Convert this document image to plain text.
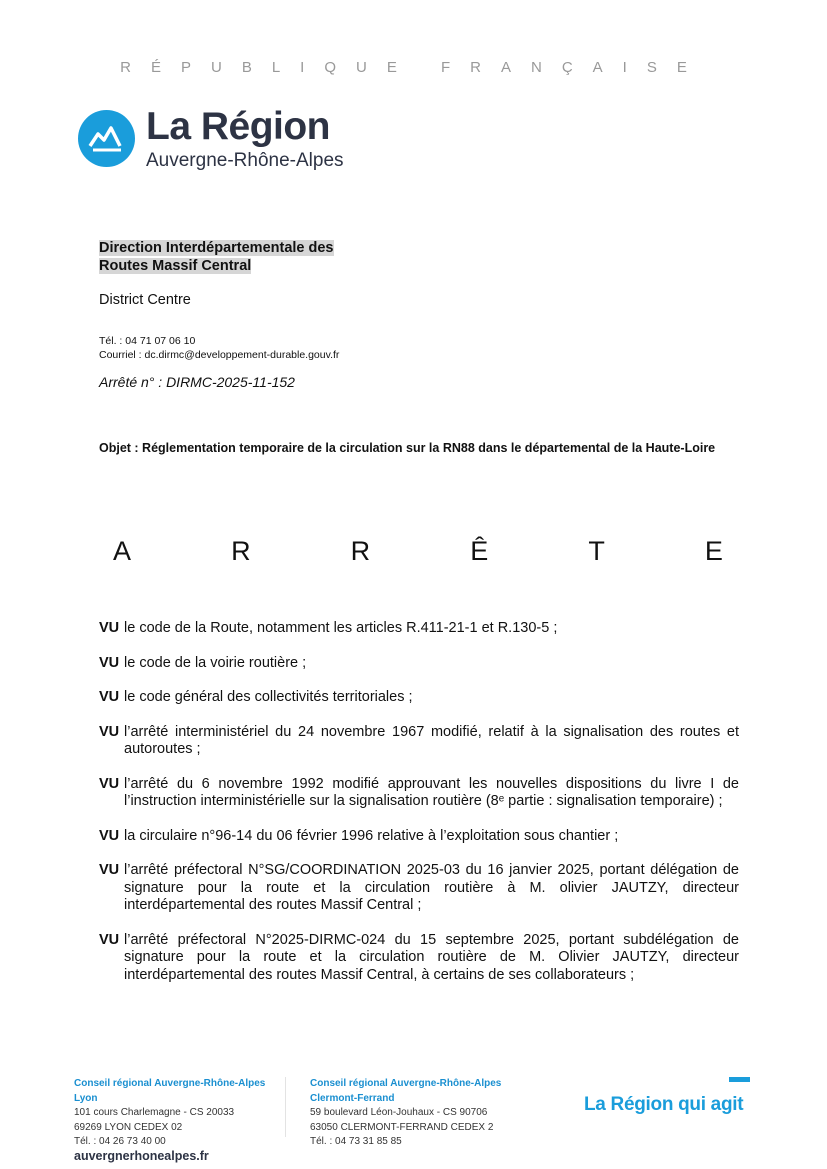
RÉPUBLIQUE FRANÇAISE
La Région
Auvergne-Rhône-Alpes
Direction Interdépartementale des
Routes Massif Central
District Centre
Tél. : 04 71 07 06 10
Courriel : dc.dirmc@developpement-durable.gouv.fr
Arrêté n° : DIRMC-2025-11-152
Objet : Réglementation temporaire de la circulation sur la RN88 dans le départemental de la Haute-Loire
A	R	R	Ê	T	E
VU le code de la Route, notamment les articles R.411-21-1 et R.130-5 ;

VU le code de la voirie routière ;

VU le code général des collectivités territoriales ;

VU l’arrêté interministériel du 24 novembre 1967 modifié, relatif à la signalisation des routes et autoroutes ;

VU l’arrêté du 6 novembre 1992 modifié approuvant les nouvelles dispositions du livre I de l’instruction interministérielle sur la signalisation routière (8ᵉ partie : signalisation temporaire) ;

VU la circulaire n°96-14 du 06 février 1996 relative à l’exploitation sous chantier ;

VU l’arrêté préfectoral N°SG/COORDINATION 2025-03 du 16 janvier 2025, portant délégation de signature pour la route et la circulation routière à M. olivier JAUTZY, directeur interdépartemental des routes Massif Central ;

VU l’arrêté préfectoral N°2025-DIRMC-024 du 15 septembre 2025, portant subdélégation de signature pour la route et la circulation routière de M. Olivier JAUTZY, directeur interdépartemental des routes Massif Central, à certains de ses collaborateurs ;

Conseil régional Auvergne-Rhône-Alpes
Lyon
101 cours Charlemagne - CS 20033
69269 LYON CEDEX 02
Tél. : 04 26 73 40 00
Conseil régional Auvergne-Rhône-Alpes
Clermont-Ferrand
59 boulevard Léon-Jouhaux - CS 90706
63050 CLERMONT-FERRAND CEDEX 2
Tél. : 04 73 31 85 85
La Région qui agit
auvergnerhonealpes.fr
